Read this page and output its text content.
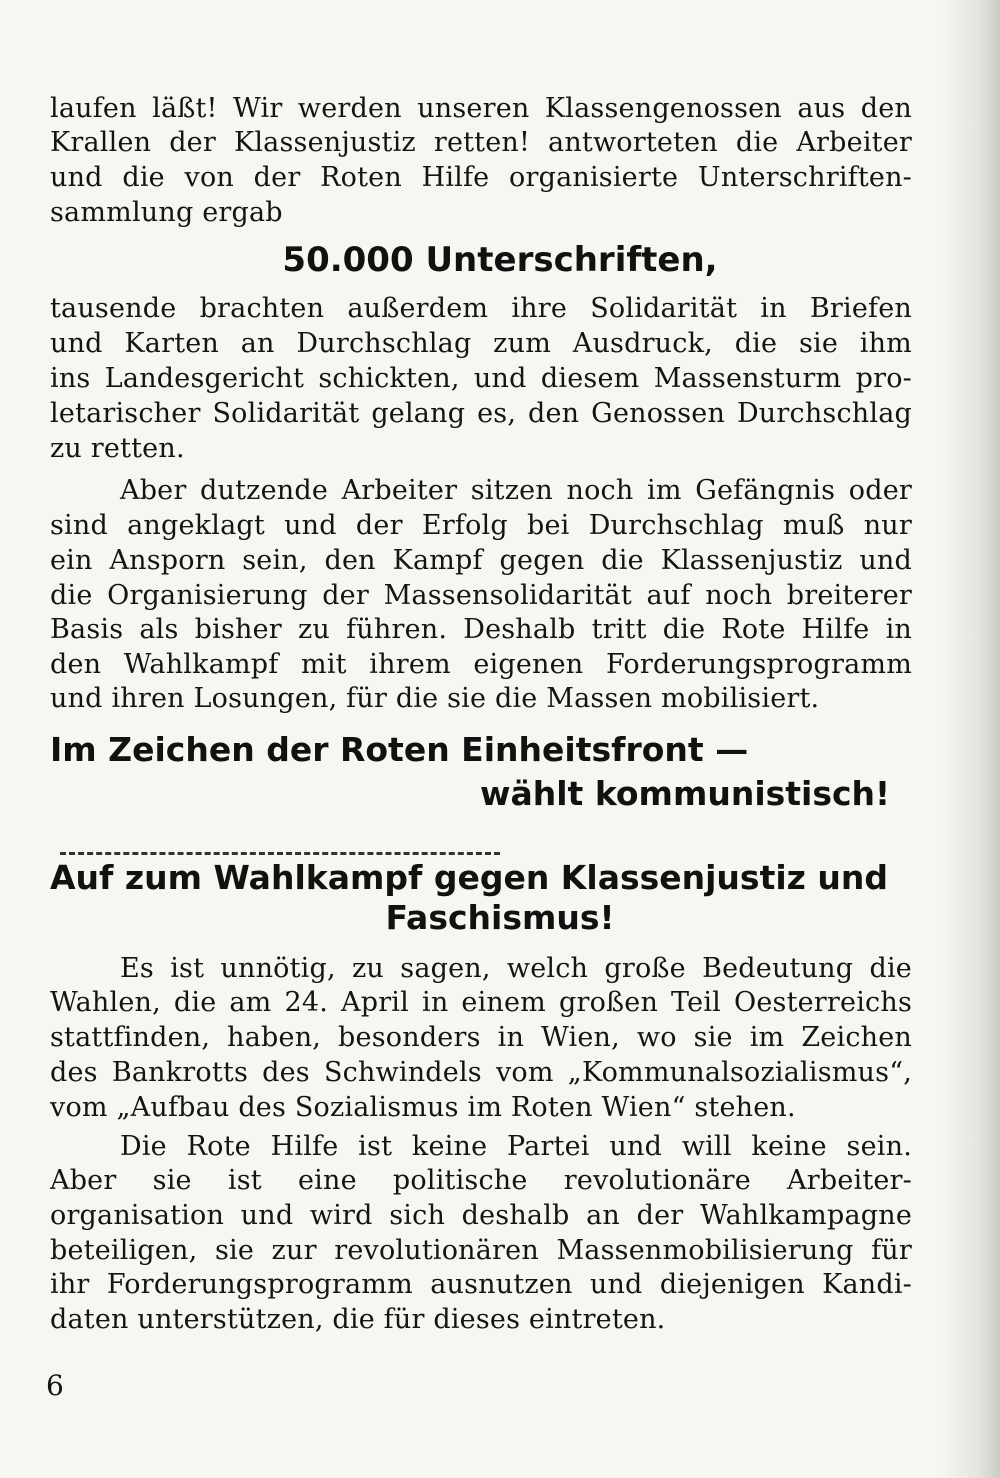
laufen läßt! Wir werden unseren Klassengenossen aus den
Krallen der Klassenjustiz retten! antworteten die Arbeiter
und die von der Roten Hilfe organisierte Unterschriften-
sammlung ergab
50.000 Unterschriften,
tausende brachten außerdem ihre Solidarität in Briefen
und Karten an Durchschlag zum Ausdruck, die sie ihm
ins Landesgericht schickten, und diesem Massensturm pro-
letarischer Solidarität gelang es, den Genossen Durchschlag
zu retten.
Aber dutzende Arbeiter sitzen noch im Gefängnis oder
sind angeklagt und der Erfolg bei Durchschlag muß nur
ein Ansporn sein, den Kampf gegen die Klassenjustiz und
die Organisierung der Massensolidarität auf noch breiterer
Basis als bisher zu führen. Deshalb tritt die Rote Hilfe in
den Wahlkampf mit ihrem eigenen Forderungsprogramm
und ihren Losungen, für die sie die Massen mobilisiert.
Im Zeichen der Roten Einheitsfront —
wählt kommunistisch!
Auf zum Wahlkampf gegen Klassenjustiz und
Faschismus!
Es ist unnötig, zu sagen, welch große Bedeutung die
Wahlen, die am 24. April in einem großen Teil Oesterreichs
stattfinden, haben, besonders in Wien, wo sie im Zeichen
des Bankrotts des Schwindels vom „Kommunalsozialismus“,
vom „Aufbau des Sozialismus im Roten Wien“ stehen.
Die Rote Hilfe ist keine Partei und will keine sein.
Aber sie ist eine politische revolutionäre Arbeiter-
organisation und wird sich deshalb an der Wahlkampagne
beteiligen, sie zur revolutionären Massenmobilisierung für
ihr Forderungsprogramm ausnutzen und diejenigen Kandi-
daten unterstützen, die für dieses eintreten.
6
